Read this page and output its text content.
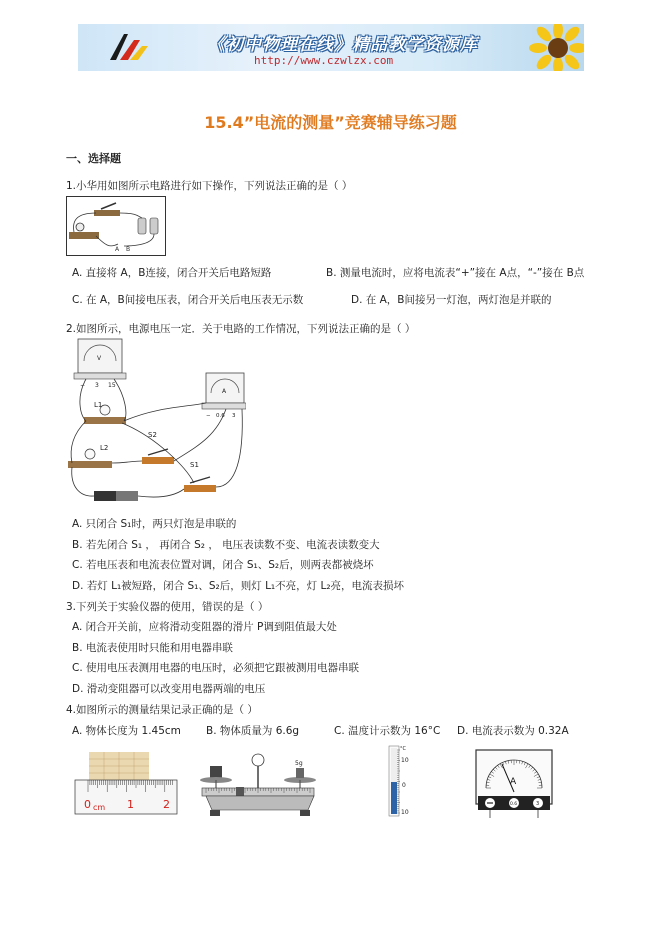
《初中物理在线》精品教学资源库
http://www.czwlzx.com
15.4”电流的测量”竞赛辅导练习题
一、选择题
1.小华用如图所示电路进行如下操作，下列说法正确的是（ ）
A B
A. 直接将 A，B连接，闭合开关后电路短路	B. 测量电流时，应将电流表“+”接在 A点，“-”接在 B点
C. 在 A，B间接电压表，闭合开关后电压表无示数	D. 在 A，B间接另一灯泡，两灯泡是并联的
2.如图所示，电源电压一定．关于电路的工作情况，下列说法正确的是（ ）
V
− 3 15
A
− 0.6 3
L1
L2
S2
S1
A. 只闭合 S₁时，两只灯泡是串联的
B. 若先闭合 S₁ ， 再闭合 S₂ ， 电压表读数不变、电流表读数变大
C. 若电压表和电流表位置对调，闭合 S₁、S₂后，则两表都被烧坏
D. 若灯 L₁被短路，闭合 S₁、S₂后，则灯 L₁不亮，灯 L₂亮，电流表损坏
3.下列关于实验仪器的使用，错误的是（ ）
A. 闭合开关前，应将滑动变阻器的滑片 P调到阻值最大处
B. 电流表使用时只能和用电器串联
C. 使用电压表测用电器的电压时，必须把它跟被测用电器串联
D. 滑动变阻器可以改变用电器两端的电压
4.如图所示的测量结果记录正确的是（ ）
A. 物体长度为 1.45cm B. 物体质量为 6.6g	C. 温度计示数为 16°C D. 电流表示数为 0.32A
0 cm 1	2
5g
°C
10
0
10
A
0.6	3
